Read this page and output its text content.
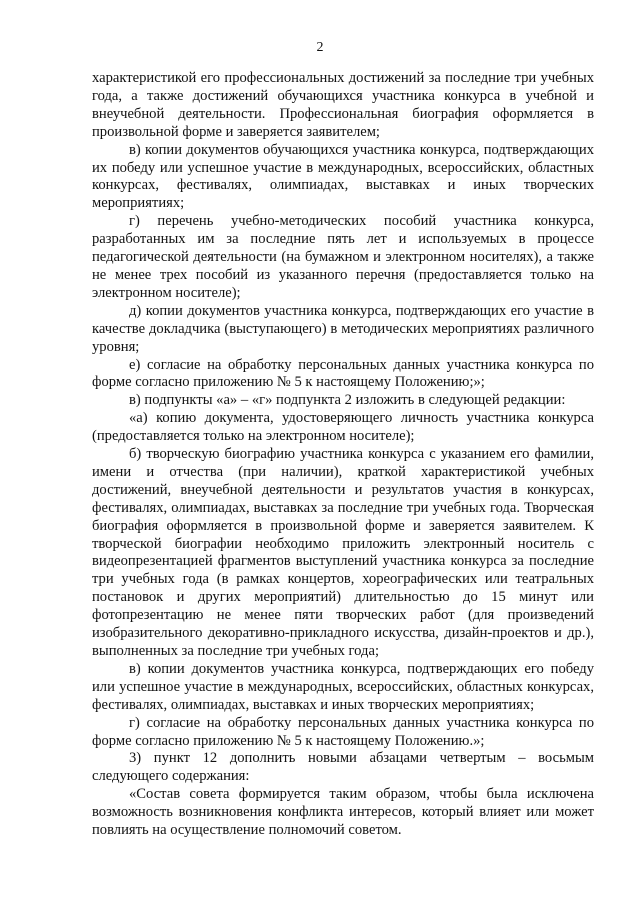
2

характеристикой его профессиональных достижений за последние три учебных года, а также достижений обучающихся участника конкурса в учебной и внеучебной деятельности. Профессиональная биография оформляется в произвольной форме и заверяется заявителем;

в) копии документов обучающихся участника конкурса, подтверждающих их победу или успешное участие в международных, всероссийских, областных конкурсах, фестивалях, олимпиадах, выставках и иных творческих мероприятиях;

г) перечень учебно-методических пособий участника конкурса, разработанных им за последние пять лет и используемых в процессе педагогической деятельности (на бумажном и электронном носителях), а также не менее трех пособий из указанного перечня (предоставляется только на электронном носителе);

д) копии документов участника конкурса, подтверждающих его участие в качестве докладчика (выступающего) в методических мероприятиях различного уровня;

е) согласие на обработку персональных данных участника конкурса по форме согласно приложению № 5 к настоящему Положению;»;

в) подпункты «а» – «г» подпункта 2 изложить в следующей редакции:

«а) копию документа, удостоверяющего личность участника конкурса (предоставляется только на электронном носителе);

б) творческую биографию участника конкурса с указанием его фамилии, имени и отчества (при наличии), краткой характеристикой учебных достижений, внеучебной деятельности и результатов участия в конкурсах, фестивалях, олимпиадах, выставках за последние три учебных года. Творческая биография оформляется в произвольной форме и заверяется заявителем. К творческой биографии необходимо приложить электронный носитель с видеопрезентацией фрагментов выступлений участника конкурса за последние три учебных года (в рамках концертов, хореографических или театральных постановок и других мероприятий) длительностью до 15 минут или фотопрезентацию не менее пяти творческих работ (для произведений изобразительного декоративно-прикладного искусства, дизайн-проектов и др.), выполненных за последние три учебных года;

в) копии документов участника конкурса, подтверждающих его победу или успешное участие в международных, всероссийских, областных конкурсах, фестивалях, олимпиадах, выставках и иных творческих мероприятиях;

г) согласие на обработку персональных данных участника конкурса по форме согласно приложению № 5 к настоящему Положению.»;

3) пункт 12 дополнить новыми абзацами четвертым – восьмым следующего содержания:

«Состав совета формируется таким образом, чтобы была исключена возможность возникновения конфликта интересов, который влияет или может повлиять на осуществление полномочий советом.
